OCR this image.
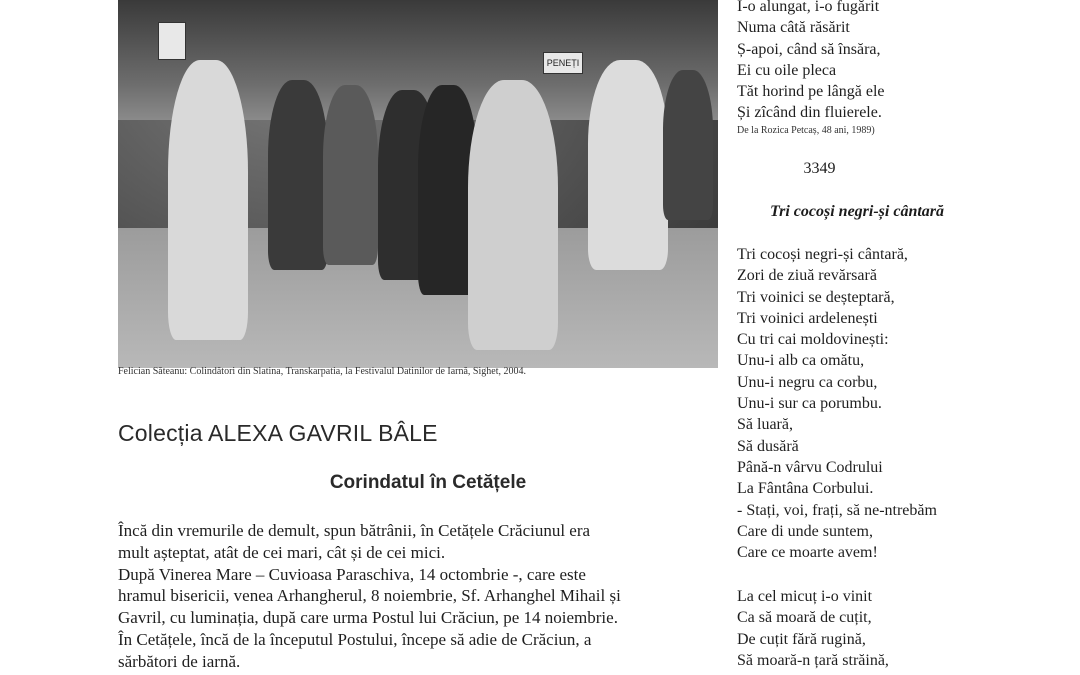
PENEȚI
Felician Săteanu: Colindători din Slatina, Transkarpatia, la Festivalul Datinilor de Iarnă, Sighet, 2004.
Colecția ALEXA GAVRIL BÂLE
Corindatul în Cetățele

Încă din vremurile de demult, spun bătrânii, în Cetățele Crăciunul era

mult așteptat, atât de cei mari, cât și de cei mici.

După Vinerea Mare – Cuvioasa Paraschiva, 14 octombrie -, care este

hramul bisericii, venea Arhangherul, 8 noiembrie, Sf. Arhanghel Mihail și

Gavril, cu luminația, după care urma Postul lui Crăciun, pe 14 noiembrie.

În Cetățele, încă de la începutul Postului, începe să adie de Crăciun, a

sărbători de iarnă.

I-o alungat, i-o fugărit

Numa câtă răsărit

Ș-apoi, când să însăra,

Ei cu oile pleca

Tăt horind pe lângă ele

Și zîcând din fluierele.

De la Rozica Petcaș, 48 ani, 1989)

3349
Tri cocoși negri-și cântară

Tri cocoși negri-și cântară,

Zori de ziuă revărsară

Tri voinici se deșteptară,

Tri voinici ardelenești

Cu tri cai moldovinești:

Unu-i alb ca omătu,

Unu-i negru ca corbu,

Unu-i sur ca porumbu.

Să luară,

Să dusără

Până-n vârvu Codrului

La Fântâna Corbului.

- Stați, voi, frați, să ne-ntrebăm

Care di unde suntem,

Care ce moarte avem!

La cel micuț i-o vinit

Ca să moară de cuțit,

De cuțit fără rugină,

Să moară-n țară străină,
